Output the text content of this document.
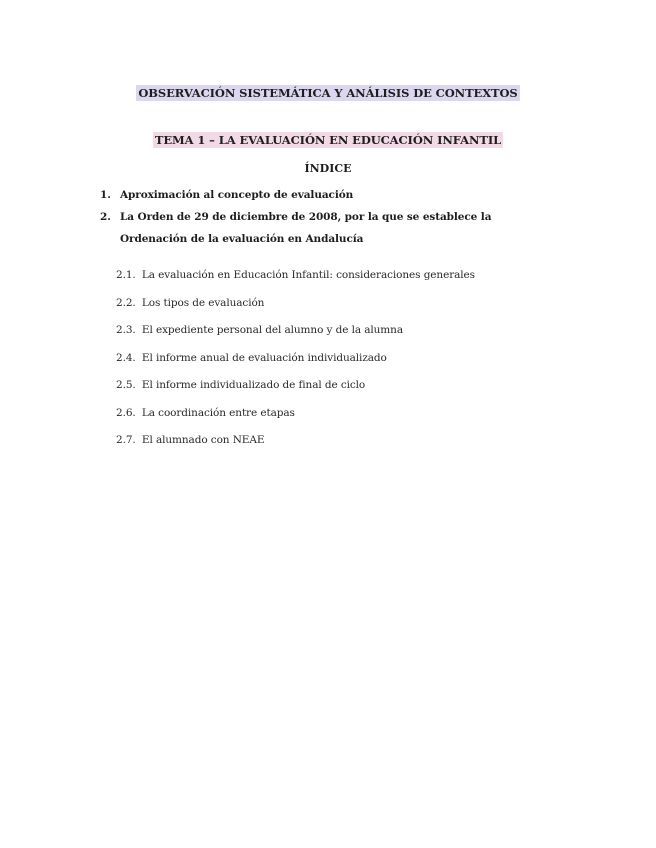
OBSERVACIÓN SISTEMÁTICA Y ANÁLISIS DE CONTEXTOS
TEMA 1 – LA EVALUACIÓN EN EDUCACIÓN INFANTIL
ÍNDICE
1. Aproximación al concepto de evaluación
2. La Orden de 29 de diciembre de 2008, por la que se establece la Ordenación de la evaluación en Andalucía
2.1. La evaluación en Educación Infantil: consideraciones generales
2.2. Los tipos de evaluación
2.3. El expediente personal del alumno y de la alumna
2.4. El informe anual de evaluación individualizado
2.5. El informe individualizado de final de ciclo
2.6. La coordinación entre etapas
2.7. El alumnado con NEAE
